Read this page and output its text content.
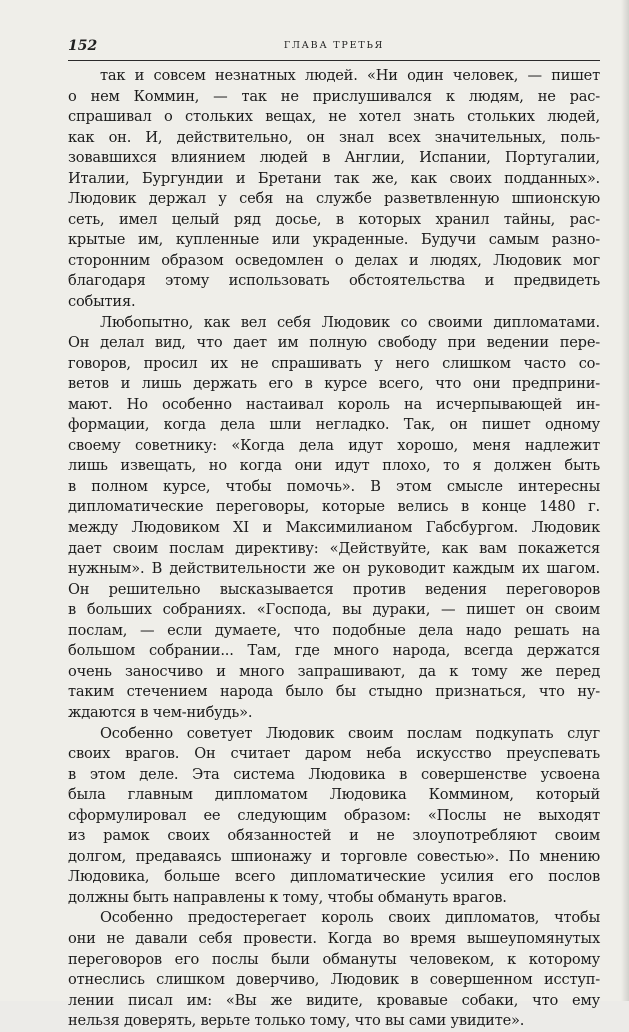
152	ГЛАВА ТРЕТЬЯ
так и совсем незнатных людей. «Ни один человек, — пишет
о нем Коммин, — так не прислушивался к людям, не рас-
спрашивал о стольких вещах, не хотел знать стольких людей,
как он. И, действительно, он знал всех значительных, поль-
зовавшихся влиянием людей в Англии, Испании, Португалии,
Италии, Бургундии и Бретани так же, как своих подданных».
Людовик держал у себя на службе разветвленную шпионскую
сеть, имел целый ряд досье, в которых хранил тайны, рас-
крытые им, купленные или украденные. Будучи самым разно-
сторонним образом осведомлен о делах и людях, Людовик мог
благодаря этому использовать обстоятельства и предвидеть
события.
Любопытно, как вел себя Людовик со своими дипломатами.
Он делал вид, что дает им полную свободу при ведении пере-
говоров, просил их не спрашивать у него слишком часто со-
ветов и лишь держать его в курсе всего, что они предприни-
мают. Но особенно настаивал король на исчерпывающей ин-
формации, когда дела шли негладко. Так, он пишет одному
своему советнику: «Когда дела идут хорошо, меня надлежит
лишь извещать, но когда они идут плохо, то я должен быть
в полном курсе, чтобы помочь». В этом смысле интересны
дипломатические переговоры, которые велись в конце 1480 г.
между Людовиком XI и Максимилианом Габсбургом. Людовик
дает своим послам директиву: «Действуйте, как вам покажется
нужным». В действительности же он руководит каждым их шагом.
Он решительно высказывается против ведения переговоров
в больших собраниях. «Господа, вы дураки, — пишет он своим
послам, — если думаете, что подобные дела надо решать на
большом собрании... Там, где много народа, всегда держатся
очень заносчиво и много запрашивают, да к тому же перед
таким стечением народа было бы стыдно признаться, что ну-
ждаются в чем-нибудь».
Особенно советует Людовик своим послам подкупать слуг
своих врагов. Он считает даром неба искусство преуспевать
в этом деле. Эта система Людовика в совершенстве усвоена
была главным дипломатом Людовика Коммином, который
сформулировал ее следующим образом: «Послы не выходят
из рамок своих обязанностей и не злоупотребляют своим
долгом, предаваясь шпионажу и торговле совестью». По мнению
Людовика, больше всего дипломатические усилия его послов
должны быть направлены к тому, чтобы обмануть врагов.
Особенно предостерегает король своих дипломатов, чтобы
они не давали себя провести. Когда во время вышеупомянутых
переговоров его послы были обмануты человеком, к которому
отнеслись слишком доверчиво, Людовик в совершенном исступ-
лении писал им: «Вы же видите, кровавые собаки, что ему
нельзя доверять, верьте только тому, что вы сами увидите».
